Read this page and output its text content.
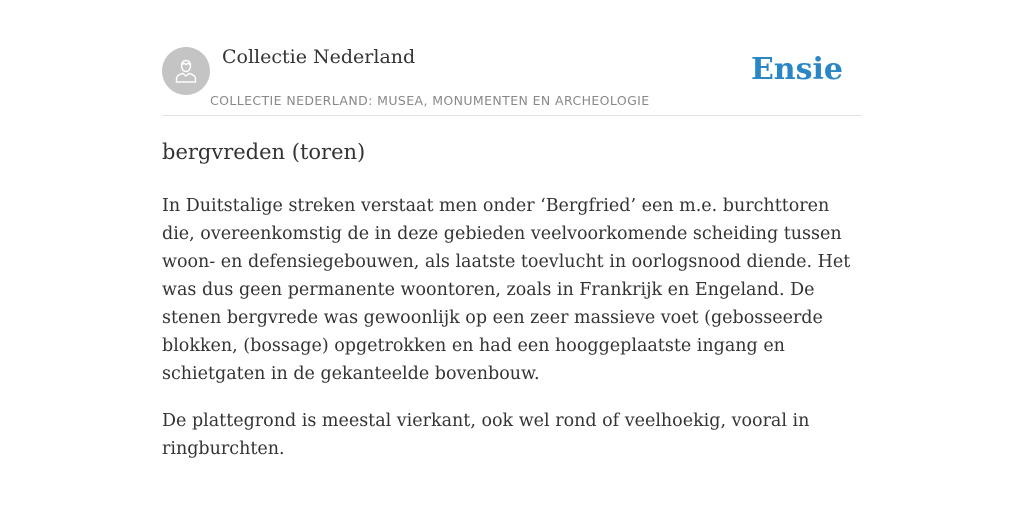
Collectie Nederland
COLLECTIE NEDERLAND: MUSEA, MONUMENTEN EN ARCHEOLOGIE
Ensie
bergvreden (toren)

In Duitstalige streken verstaat men onder ‘Bergfried’ een m.e. burchttoren die, overeenkomstig de in deze gebieden veelvoorkomende scheiding tussen woon- en defensiegebouwen, als laatste toevlucht in oorlogsnood diende. Het was dus geen permanente woontoren, zoals in Frankrijk en Engeland. De stenen bergvrede was gewoonlijk op een zeer massieve voet (gebosseerde blokken, (bossage) opgetrokken en had een hooggeplaatste ingang en schietgaten in de gekanteelde bovenbouw.

De plattegrond is meestal vierkant, ook wel rond of veelhoekig, vooral in ringburchten.
